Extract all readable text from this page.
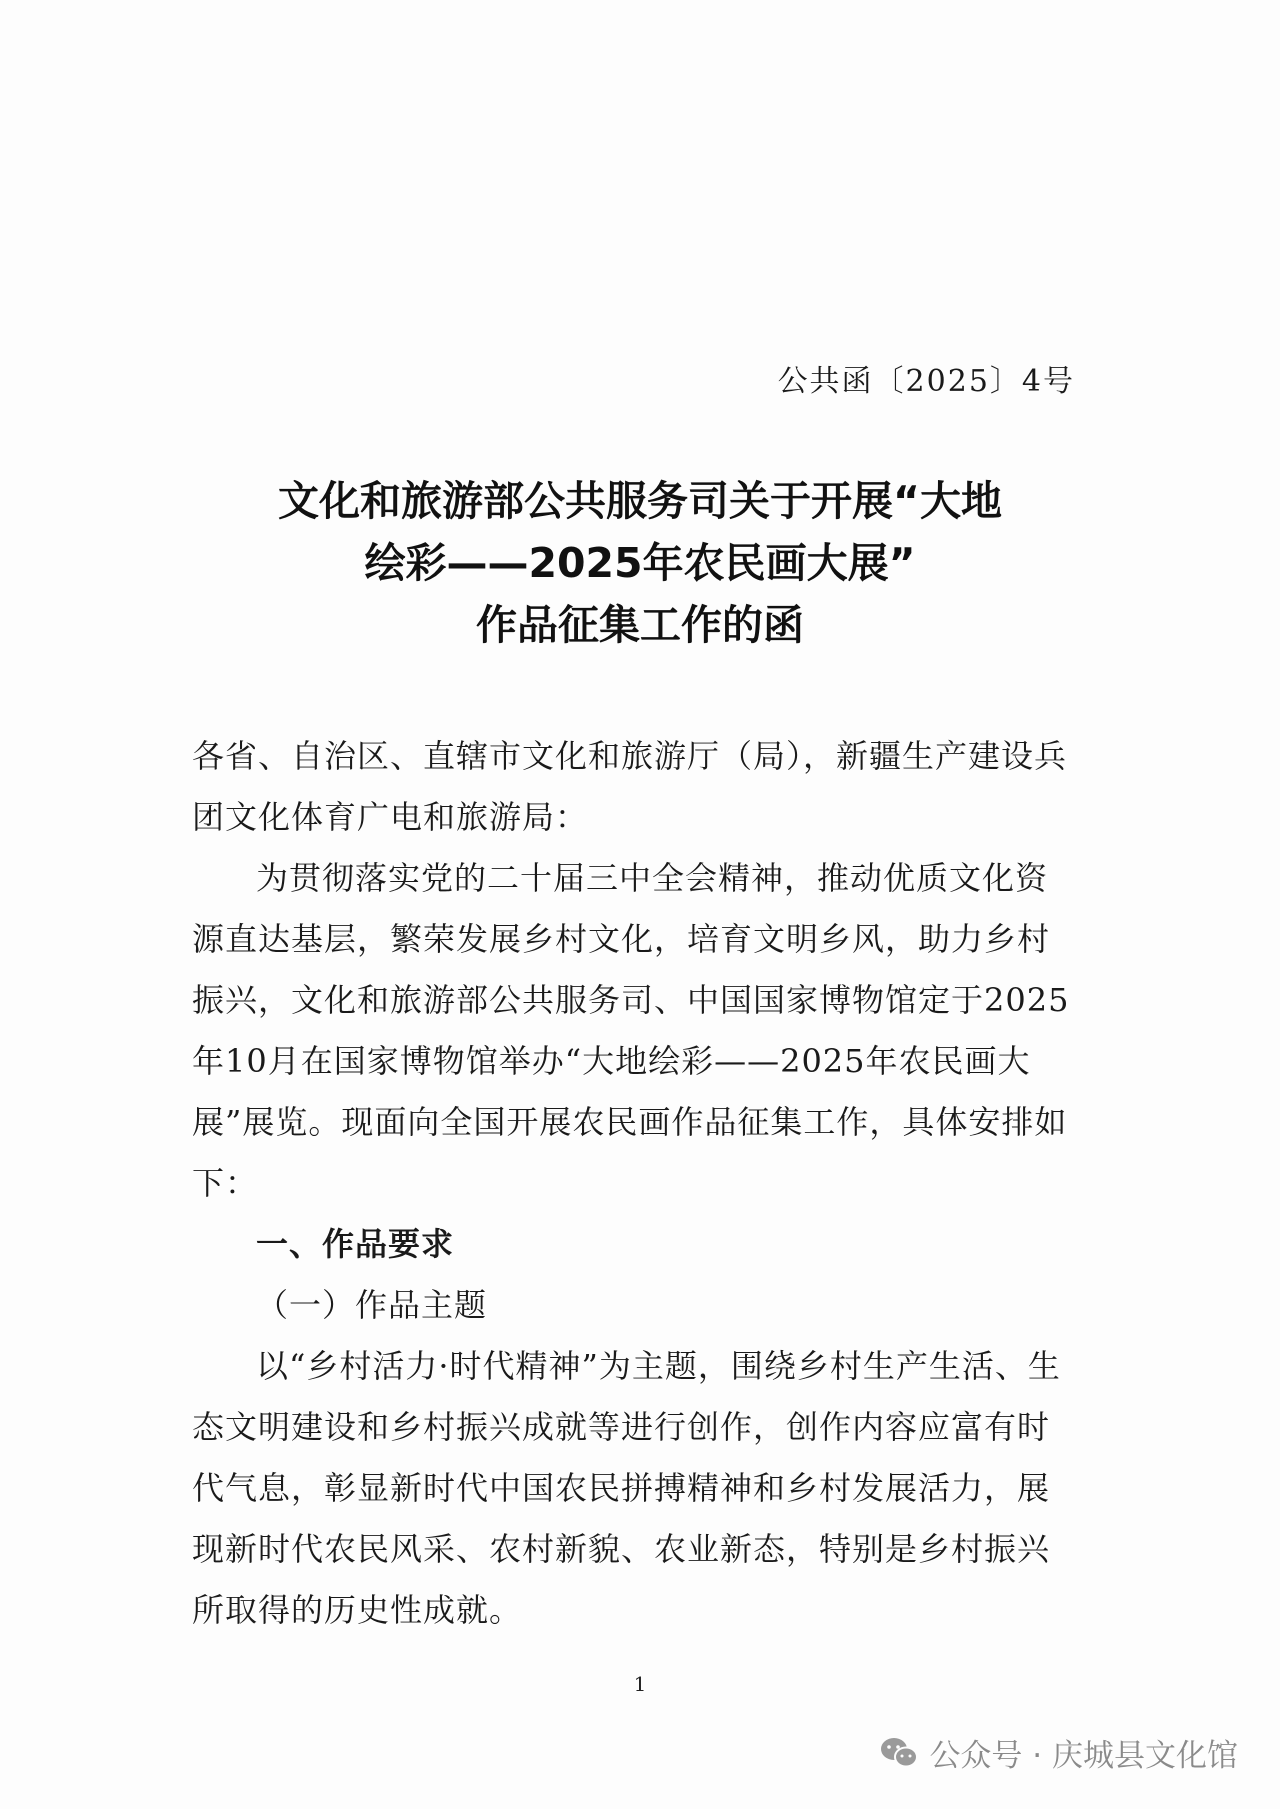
公共函〔2025〕4号
文化和旅游部公共服务司关于开展“大地
绘彩——2025年农民画大展”
作品征集工作的函

各省、自治区、直辖市文化和旅游厅（局），新疆生产建设兵团文化体育广电和旅游局：

为贯彻落实党的二十届三中全会精神，推动优质文化资源直达基层，繁荣发展乡村文化，培育文明乡风，助力乡村振兴，文化和旅游部公共服务司、中国国家博物馆定于2025年10月在国家博物馆举办“大地绘彩——2025年农民画大展”展览。现面向全国开展农民画作品征集工作，具体安排如下：

一、作品要求

（一）作品主题

以“乡村活力·时代精神”为主题，围绕乡村生产生活、生态文明建设和乡村振兴成就等进行创作，创作内容应富有时代气息，彰显新时代中国农民拼搏精神和乡村发展活力，展现新时代农民风采、农村新貌、农业新态，特别是乡村振兴所取得的历史性成就。

1
公众号 · 庆城县文化馆
